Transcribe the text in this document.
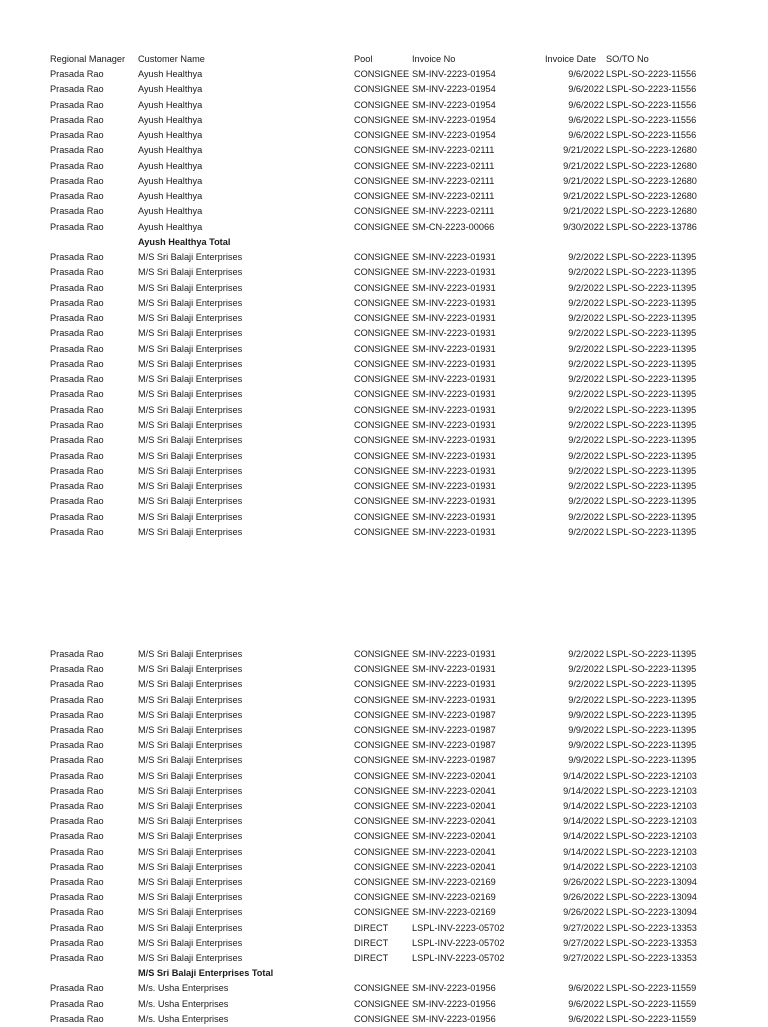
Regional Manager Customer Name	Pool	Invoice No	Invoice Date SO/TO No
Prasada Rao	Ayush Healthya	CONSIGNEE SM-INV-2223-01954	9/6/2022 LSPL-SO-2223-11556
Prasada Rao	Ayush Healthya	CONSIGNEE SM-INV-2223-01954	9/6/2022 LSPL-SO-2223-11556
Prasada Rao	Ayush Healthya	CONSIGNEE SM-INV-2223-01954	9/6/2022 LSPL-SO-2223-11556
Prasada Rao	Ayush Healthya	CONSIGNEE SM-INV-2223-01954	9/6/2022 LSPL-SO-2223-11556
Prasada Rao	Ayush Healthya	CONSIGNEE SM-INV-2223-01954	9/6/2022 LSPL-SO-2223-11556
Prasada Rao	Ayush Healthya	CONSIGNEE SM-INV-2223-02111	9/21/2022 LSPL-SO-2223-12680
Prasada Rao	Ayush Healthya	CONSIGNEE SM-INV-2223-02111	9/21/2022 LSPL-SO-2223-12680
Prasada Rao	Ayush Healthya	CONSIGNEE SM-INV-2223-02111	9/21/2022 LSPL-SO-2223-12680
Prasada Rao	Ayush Healthya	CONSIGNEE SM-INV-2223-02111	9/21/2022 LSPL-SO-2223-12680
Prasada Rao	Ayush Healthya	CONSIGNEE SM-INV-2223-02111	9/21/2022 LSPL-SO-2223-12680
Prasada Rao	Ayush Healthya	CONSIGNEE SM-CN-2223-00066	9/30/2022 LSPL-SO-2223-13786
Ayush Healthya Total
Prasada Rao	M/S Sri Balaji Enterprises	CONSIGNEE SM-INV-2223-01931	9/2/2022 LSPL-SO-2223-11395
Prasada Rao	M/S Sri Balaji Enterprises	CONSIGNEE SM-INV-2223-01931	9/2/2022 LSPL-SO-2223-11395
Prasada Rao	M/S Sri Balaji Enterprises	CONSIGNEE SM-INV-2223-01931	9/2/2022 LSPL-SO-2223-11395
Prasada Rao	M/S Sri Balaji Enterprises	CONSIGNEE SM-INV-2223-01931	9/2/2022 LSPL-SO-2223-11395
Prasada Rao	M/S Sri Balaji Enterprises	CONSIGNEE SM-INV-2223-01931	9/2/2022 LSPL-SO-2223-11395
Prasada Rao	M/S Sri Balaji Enterprises	CONSIGNEE SM-INV-2223-01931	9/2/2022 LSPL-SO-2223-11395
Prasada Rao	M/S Sri Balaji Enterprises	CONSIGNEE SM-INV-2223-01931	9/2/2022 LSPL-SO-2223-11395
Prasada Rao	M/S Sri Balaji Enterprises	CONSIGNEE SM-INV-2223-01931	9/2/2022 LSPL-SO-2223-11395
Prasada Rao	M/S Sri Balaji Enterprises	CONSIGNEE SM-INV-2223-01931	9/2/2022 LSPL-SO-2223-11395
Prasada Rao	M/S Sri Balaji Enterprises	CONSIGNEE SM-INV-2223-01931	9/2/2022 LSPL-SO-2223-11395
Prasada Rao	M/S Sri Balaji Enterprises	CONSIGNEE SM-INV-2223-01931	9/2/2022 LSPL-SO-2223-11395
Prasada Rao	M/S Sri Balaji Enterprises	CONSIGNEE SM-INV-2223-01931	9/2/2022 LSPL-SO-2223-11395
Prasada Rao	M/S Sri Balaji Enterprises	CONSIGNEE SM-INV-2223-01931	9/2/2022 LSPL-SO-2223-11395
Prasada Rao	M/S Sri Balaji Enterprises	CONSIGNEE SM-INV-2223-01931	9/2/2022 LSPL-SO-2223-11395
Prasada Rao	M/S Sri Balaji Enterprises	CONSIGNEE SM-INV-2223-01931	9/2/2022 LSPL-SO-2223-11395
Prasada Rao	M/S Sri Balaji Enterprises	CONSIGNEE SM-INV-2223-01931	9/2/2022 LSPL-SO-2223-11395
Prasada Rao	M/S Sri Balaji Enterprises	CONSIGNEE SM-INV-2223-01931	9/2/2022 LSPL-SO-2223-11395
Prasada Rao	M/S Sri Balaji Enterprises	CONSIGNEE SM-INV-2223-01931	9/2/2022 LSPL-SO-2223-11395
Prasada Rao	M/S Sri Balaji Enterprises	CONSIGNEE SM-INV-2223-01931	9/2/2022 LSPL-SO-2223-11395
Prasada Rao	M/S Sri Balaji Enterprises	CONSIGNEE SM-INV-2223-01931	9/2/2022 LSPL-SO-2223-11395
Prasada Rao	M/S Sri Balaji Enterprises	CONSIGNEE SM-INV-2223-01931	9/2/2022 LSPL-SO-2223-11395
Prasada Rao	M/S Sri Balaji Enterprises	CONSIGNEE SM-INV-2223-01931	9/2/2022 LSPL-SO-2223-11395
Prasada Rao	M/S Sri Balaji Enterprises	CONSIGNEE SM-INV-2223-01931	9/2/2022 LSPL-SO-2223-11395
Prasada Rao	M/S Sri Balaji Enterprises	CONSIGNEE SM-INV-2223-01987	9/9/2022 LSPL-SO-2223-11395
Prasada Rao	M/S Sri Balaji Enterprises	CONSIGNEE SM-INV-2223-01987	9/9/2022 LSPL-SO-2223-11395
Prasada Rao	M/S Sri Balaji Enterprises	CONSIGNEE SM-INV-2223-01987	9/9/2022 LSPL-SO-2223-11395
Prasada Rao	M/S Sri Balaji Enterprises	CONSIGNEE SM-INV-2223-01987	9/9/2022 LSPL-SO-2223-11395
Prasada Rao	M/S Sri Balaji Enterprises	CONSIGNEE SM-INV-2223-02041	9/14/2022 LSPL-SO-2223-12103
Prasada Rao	M/S Sri Balaji Enterprises	CONSIGNEE SM-INV-2223-02041	9/14/2022 LSPL-SO-2223-12103
Prasada Rao	M/S Sri Balaji Enterprises	CONSIGNEE SM-INV-2223-02041	9/14/2022 LSPL-SO-2223-12103
Prasada Rao	M/S Sri Balaji Enterprises	CONSIGNEE SM-INV-2223-02041	9/14/2022 LSPL-SO-2223-12103
Prasada Rao	M/S Sri Balaji Enterprises	CONSIGNEE SM-INV-2223-02041	9/14/2022 LSPL-SO-2223-12103
Prasada Rao	M/S Sri Balaji Enterprises	CONSIGNEE SM-INV-2223-02041	9/14/2022 LSPL-SO-2223-12103
Prasada Rao	M/S Sri Balaji Enterprises	CONSIGNEE SM-INV-2223-02041	9/14/2022 LSPL-SO-2223-12103
Prasada Rao	M/S Sri Balaji Enterprises	CONSIGNEE SM-INV-2223-02169	9/26/2022 LSPL-SO-2223-13094
Prasada Rao	M/S Sri Balaji Enterprises	CONSIGNEE SM-INV-2223-02169	9/26/2022 LSPL-SO-2223-13094
Prasada Rao	M/S Sri Balaji Enterprises	CONSIGNEE SM-INV-2223-02169	9/26/2022 LSPL-SO-2223-13094
Prasada Rao	M/S Sri Balaji Enterprises	DIRECT	LSPL-INV-2223-05702	9/27/2022 LSPL-SO-2223-13353
Prasada Rao	M/S Sri Balaji Enterprises	DIRECT	LSPL-INV-2223-05702	9/27/2022 LSPL-SO-2223-13353
Prasada Rao	M/S Sri Balaji Enterprises	DIRECT	LSPL-INV-2223-05702	9/27/2022 LSPL-SO-2223-13353
M/S Sri Balaji Enterprises Total
Prasada Rao	M/s. Usha Enterprises	CONSIGNEE SM-INV-2223-01956	9/6/2022 LSPL-SO-2223-11559
Prasada Rao	M/s. Usha Enterprises	CONSIGNEE SM-INV-2223-01956	9/6/2022 LSPL-SO-2223-11559
Prasada Rao	M/s. Usha Enterprises	CONSIGNEE SM-INV-2223-01956	9/6/2022 LSPL-SO-2223-11559
